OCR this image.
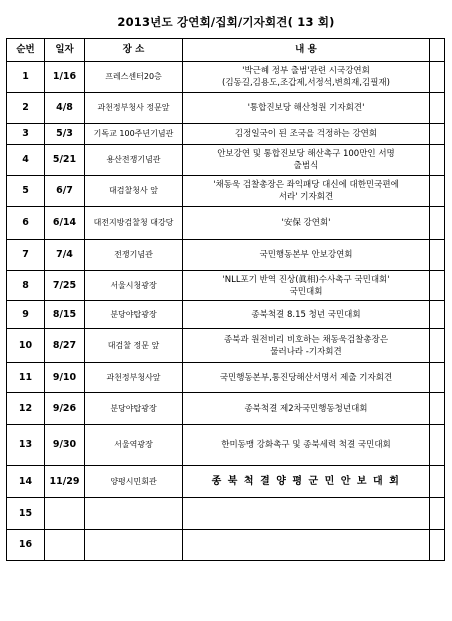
2013년도 강연회/집회/기자회견( 13 회)
순번	일자	장 소	내 용	
1	1/16	프레스센터20층	'박근혜 정부 출범'관련 시국강연회
(김동길,김용도,조갑제,서정석,변희재,김필재)	

2	4/8	과천정부청사 정문앞	'통합진보당 해산청원 기자회견'	

3	5/3	기독교 100주년기념관	김정일국이 된 조국을 걱정하는 강연회	

4	5/21	용산전쟁기념관	안보강연 및 통합진보당 해산촉구 100만인 서명
출범식	

5	6/7	대검찰청사 앞	'채동욱 검찰총장은 좌익패당 대신에 대한민국편에
서라' 기자회견	

6	6/14	대전지방검찰청 대강당	'安保 강연회'	

7	7/4	전쟁기념관	국민행동본부 안보강연회	

8	7/25	서울시청광장	'NLL포기 반역 진상(眞相)수사촉구 국민대회'
국민대회	

9	8/15	분당야탑광장	종북척결 8.15 청년 국민대회	

10	8/27	대검찰 정문 앞	종북과 원전비리 비호하는 채동욱검찰총장은
물러나라 -기자회견	

11	9/10	과천정부청사앞	국민행동본부,통진당해산서명서 제출 기자회견	

12	9/26	분당야탑광장	종북척결 제2차국민행동청년대회	

13	9/30	서울역광장	한미동맹 강화촉구 및 종북세력 척결 국민대회	

14	11/29	양평시민회관	종 북 척 결 양 평 군 민 안 보 대 회	

15				
16				
